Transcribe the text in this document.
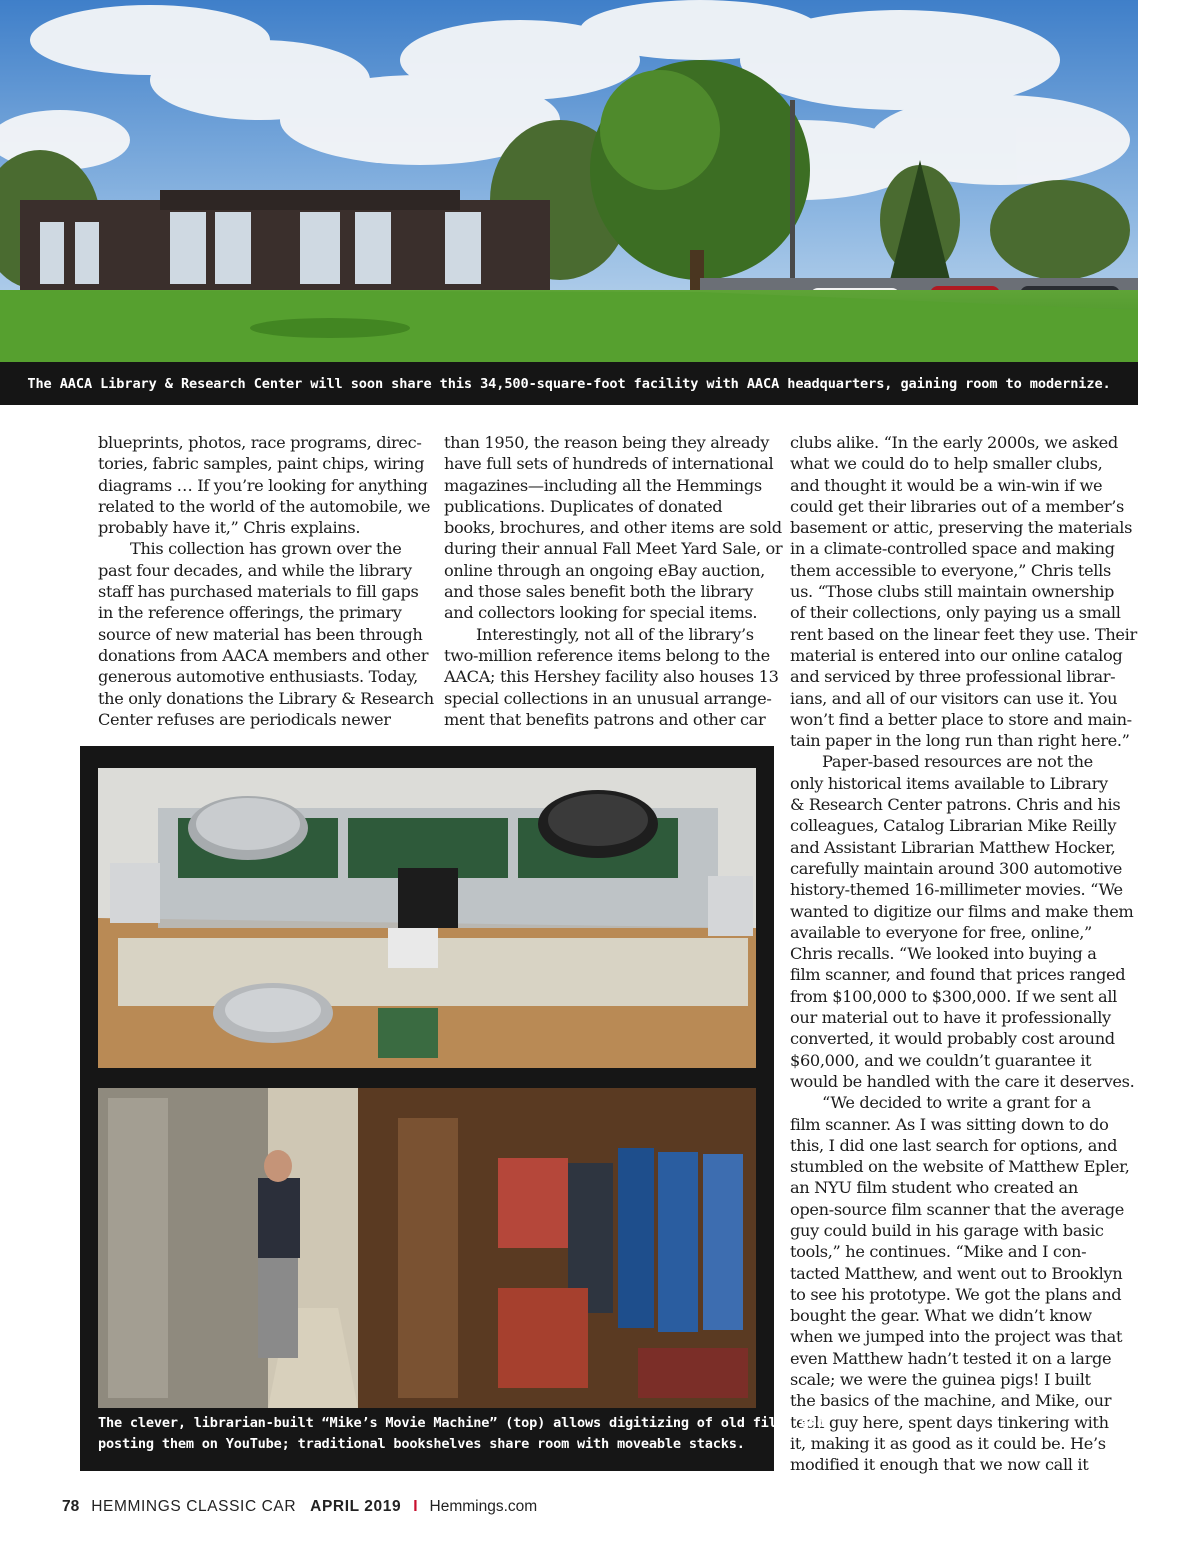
The AACA Library & Research Center will soon share this 34,500-square-foot facility with AACA headquarters, gaining room to modernize.

blueprints, photos, race programs, direc-
tories, fabric samples, paint chips, wiring
diagrams … If you’re looking for anything
related to the world of the automobile, we
probably have it,” Chris explains.

This collection has grown over the
past four decades, and while the library
staff has purchased materials to fill gaps
in the reference offerings, the primary
source of new material has been through
donations from AACA members and other
generous automotive enthusiasts. Today,
the only donations the Library & Research
Center refuses are periodicals newer

than 1950, the reason being they already
have full sets of hundreds of international
magazines—including all the Hemmings
publications. Duplicates of donated
books, brochures, and other items are sold
during their annual Fall Meet Yard Sale, or
online through an ongoing eBay auction,
and those sales benefit both the library
and collectors looking for special items.

Interestingly, not all of the library’s
two-million reference items belong to the
AACA; this Hershey facility also houses 13
special collections in an unusual arrange-
ment that benefits patrons and other car

clubs alike. “In the early 2000s, we asked
what we could do to help smaller clubs,
and thought it would be a win-win if we
could get their libraries out of a member’s
basement or attic, preserving the materials
in a climate-controlled space and making
them accessible to everyone,” Chris tells
us. “Those clubs still maintain ownership
of their collections, only paying us a small
rent based on the linear feet they use. Their
material is entered into our online catalog
and serviced by three professional librar-
ians, and all of our visitors can use it. You
won’t find a better place to store and main-
tain paper in the long run than right here.”

Paper-based resources are not the
only historical items available to Library
& Research Center patrons. Chris and his
colleagues, Catalog Librarian Mike Reilly
and Assistant Librarian Matthew Hocker,
carefully maintain around 300 automotive
history-themed 16-millimeter movies. “We
wanted to digitize our films and make them
available to everyone for free, online,”
Chris recalls. “We looked into buying a
film scanner, and found that prices ranged
from $100,000 to $300,000. If we sent all
our material out to have it professionally
converted, it would probably cost around
$60,000, and we couldn’t guarantee it
would be handled with the care it deserves.

“We decided to write a grant for a
film scanner. As I was sitting down to do
this, I did one last search for options, and
stumbled on the website of Matthew Epler,
an NYU film student who created an
open-source film scanner that the average
guy could build in his garage with basic
tools,” he continues. “Mike and I con-
tacted Matthew, and went out to Brooklyn
to see his prototype. We got the plans and
bought the gear. What we didn’t know
when we jumped into the project was that
even Matthew hadn’t tested it on a large
scale; we were the guinea pigs! I built
the basics of the machine, and Mike, our
tech guy here, spent days tinkering with
it, making it as good as it could be. He’s
modified it enough that we now call it

The clever, librarian-built “Mike’s Movie Machine” (top) allows digitizing of old films and
posting them on YouTube; traditional bookshelves share room with moveable stacks.
78 HEMMINGS CLASSIC CAR APRIL 2019 I Hemmings.com
